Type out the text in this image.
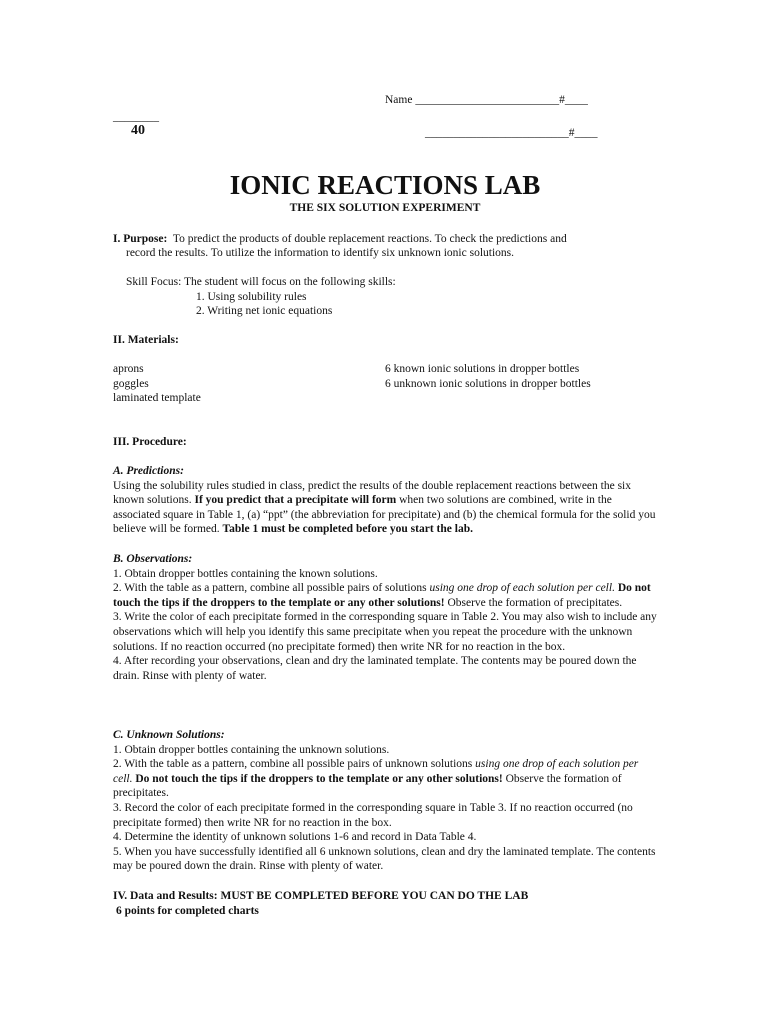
Name _________________________#____
________
40	_________________________#____
IONIC REACTIONS LAB
THE SIX SOLUTION EXPERIMENT
I. Purpose: To predict the products of double replacement reactions. To check the predictions and
record the results. To utilize the information to identify six unknown ionic solutions.
Skill Focus: The student will focus on the following skills:
1. Using solubility rules
2. Writing net ionic equations
II. Materials:
aprons
goggles
laminated template
6 known ionic solutions in dropper bottles
6 unknown ionic solutions in dropper bottles
III. Procedure:

A. Predictions:

Using the solubility rules studied in class, predict the results of the double replacement reactions between the six known solutions. If you predict that a precipitate will form when two solutions are combined, write in the associated square in Table 1, (a) “ppt” (the abbreviation for precipitate) and (b) the chemical formula for the solid you believe will be formed. Table 1 must be completed before you start the lab.

B. Observations:

1. Obtain dropper bottles containing the known solutions.

2. With the table as a pattern, combine all possible pairs of solutions using one drop of each solution per cell. Do not touch the tips if the droppers to the template or any other solutions! Observe the formation of precipitates.

3. Write the color of each precipitate formed in the corresponding square in Table 2. You may also wish to include any observations which will help you identify this same precipitate when you repeat the procedure with the unknown solutions. If no reaction occurred (no precipitate formed) then write NR for no reaction in the box.

4. After recording your observations, clean and dry the laminated template. The contents may be poured down the drain. Rinse with plenty of water.

C. Unknown Solutions:

1. Obtain dropper bottles containing the unknown solutions.

2. With the table as a pattern, combine all possible pairs of unknown solutions using one drop of each solution per cell. Do not touch the tips if the droppers to the template or any other solutions! Observe the formation of precipitates.

3. Record the color of each precipitate formed in the corresponding square in Table 3. If no reaction occurred (no precipitate formed) then write NR for no reaction in the box.

4. Determine the identity of unknown solutions 1-6 and record in Data Table 4.

5. When you have successfully identified all 6 unknown solutions, clean and dry the laminated template. The contents may be poured down the drain. Rinse with plenty of water.

IV. Data and Results: MUST BE COMPLETED BEFORE YOU CAN DO THE LAB
6 points for completed charts
